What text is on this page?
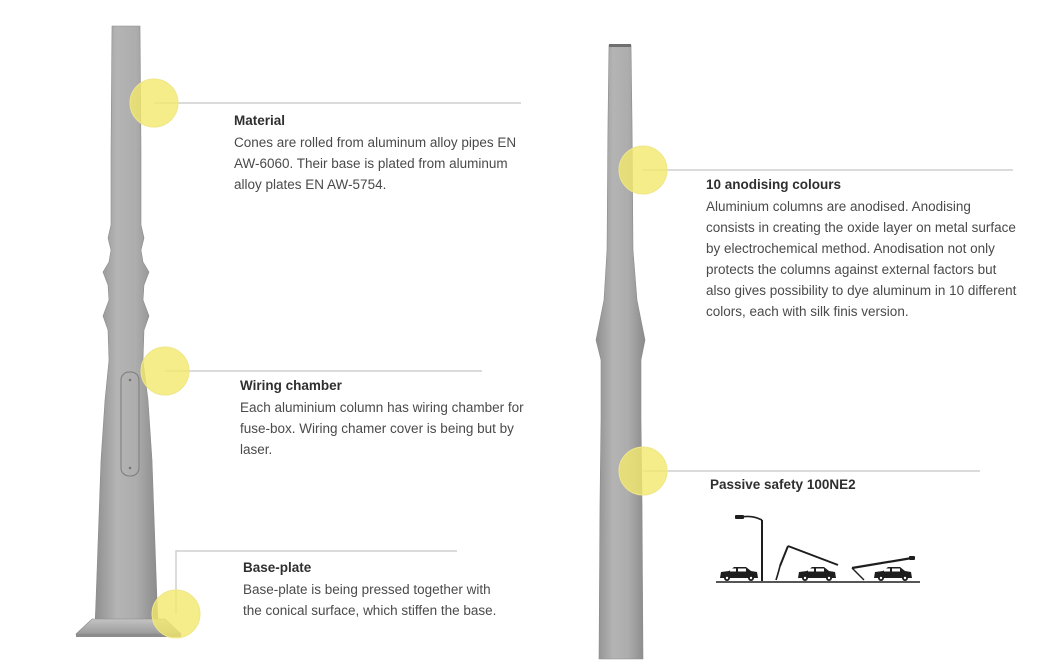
Material

Cones are rolled from aluminum alloy pipes EN AW-6060. Their base is plated from aluminum alloy plates EN AW-5754.

Wiring chamber

Each aluminium column has wiring chamber for fuse-box. Wiring chamer cover is being but by laser.

Base-plate

Base-plate is being pressed together with the conical surface, which stiffen the base.

10 anodising colours

Aluminium columns are anodised. Anodising consists in creating the oxide layer on metal surface by electrochemical method. Anodisation not only protects the columns against external factors but also gives possibility to dye aluminum in 10 different colors, each with silk finis version.

Passive safety 100NE2
